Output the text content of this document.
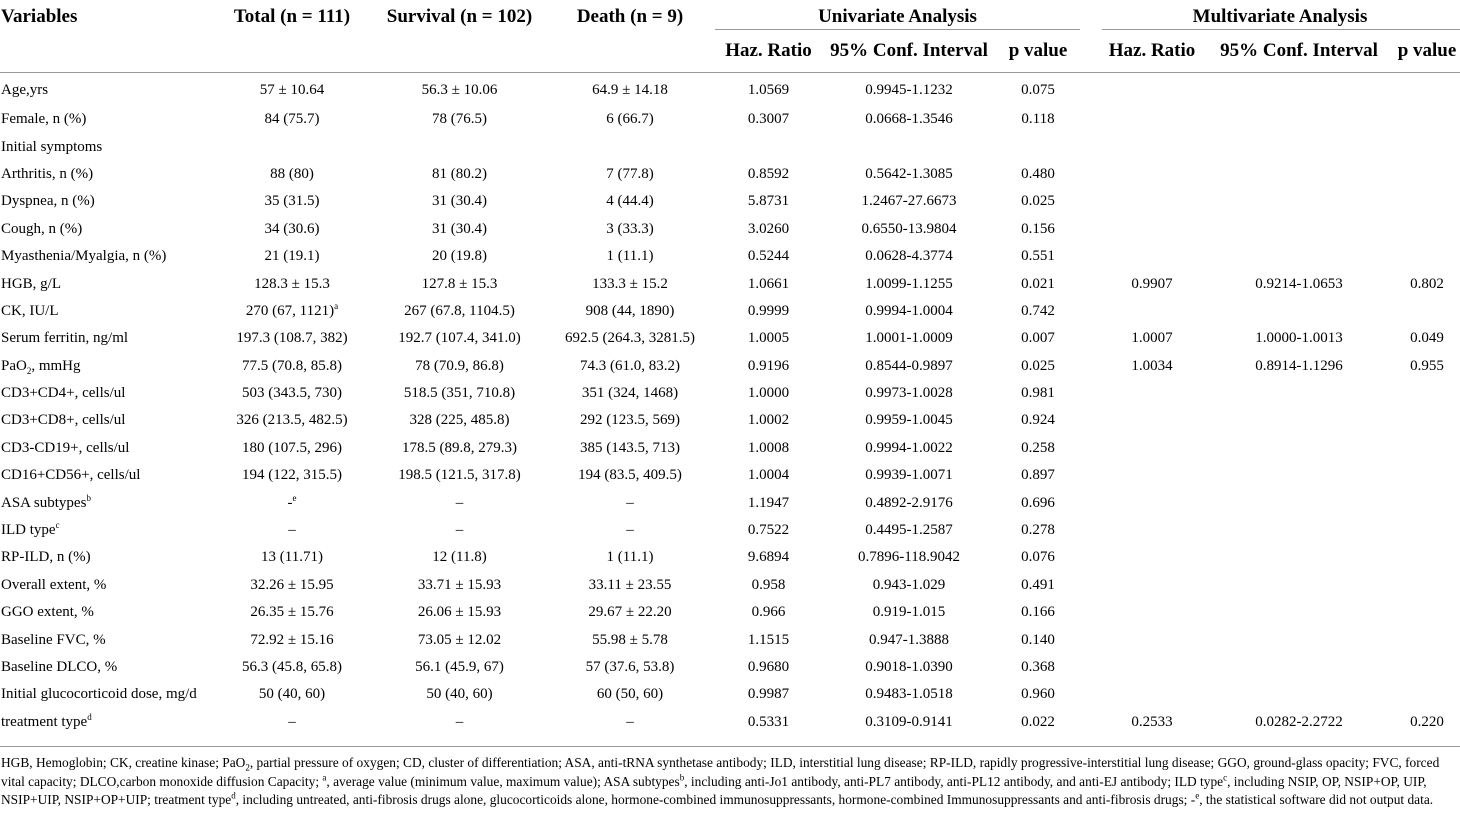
Variables	Total (n = 111)	Survival (n = 102)	Death (n = 9)	Univariate Analysis				Multivariate Analysis		

				Haz. Ratio	95% Conf. Interval	p value		Haz. Ratio	95% Conf. Interval	p value
Age,yrs	57 ± 10.64	56.3 ± 10.06	64.9 ± 14.18	1.0569	0.9945-1.1232	0.075				
Female, n (%)	84 (75.7)	78 (76.5)	6 (66.7)	0.3007	0.0668-1.3546	0.118				
Initial symptoms										
Arthritis, n (%)	88 (80)	81 (80.2)	7 (77.8)	0.8592	0.5642-1.3085	0.480				
Dyspnea, n (%)	35 (31.5)	31 (30.4)	4 (44.4)	5.8731	1.2467-27.6673	0.025				
Cough, n (%)	34 (30.6)	31 (30.4)	3 (33.3)	3.0260	0.6550-13.9804	0.156				
Myasthenia/Myalgia, n (%)	21 (19.1)	20 (19.8)	1 (11.1)	0.5244	0.0628-4.3774	0.551				
HGB, g/L	128.3 ± 15.3	127.8 ± 15.3	133.3 ± 15.2	1.0661	1.0099-1.1255	0.021		0.9907	0.9214-1.0653	0.802
CK, IU/L	270 (67, 1121)$^a$	267 (67.8, 1104.5)	908 (44, 1890)	0.9999	0.9994-1.0004	0.742				
Serum ferritin, ng/ml	197.3 (108.7, 382)	192.7 (107.4, 341.0)	692.5 (264.3, 3281.5)	1.0005	1.0001-1.0009	0.007		1.0007	1.0000-1.0013	0.049
PaO$_2$, mmHg	77.5 (70.8, 85.8)	78 (70.9, 86.8)	74.3 (61.0, 83.2)	0.9196	0.8544-0.9897	0.025		1.0034	0.8914-1.1296	0.955
CD3+CD4+, cells/ul	503 (343.5, 730)	518.5 (351, 710.8)	351 (324, 1468)	1.0000	0.9973-1.0028	0.981				
CD3+CD8+, cells/ul	326 (213.5, 482.5)	328 (225, 485.8)	292 (123.5, 569)	1.0002	0.9959-1.0045	0.924				
CD3-CD19+, cells/ul	180 (107.5, 296)	178.5 (89.8, 279.3)	385 (143.5, 713)	1.0008	0.9994-1.0022	0.258				
CD16+CD56+, cells/ul	194 (122, 315.5)	198.5 (121.5, 317.8)	194 (83.5, 409.5)	1.0004	0.9939-1.0071	0.897				
ASA subtypes$^b$	-$^e$	–	–	1.1947	0.4892-2.9176	0.696				
ILD type$^c$	–	–	–	0.7522	0.4495-1.2587	0.278				
RP-ILD, n (%)	13 (11.71)	12 (11.8)	1 (11.1)	9.6894	0.7896-118.9042	0.076				
Overall extent, %	32.26 ± 15.95	33.71 ± 15.93	33.11 ± 23.55	0.958	0.943-1.029	0.491				
GGO extent, %	26.35 ± 15.76	26.06 ± 15.93	29.67 ± 22.20	0.966	0.919-1.015	0.166				
Baseline FVC, %	72.92 ± 15.16	73.05 ± 12.02	55.98 ± 5.78	1.1515	0.947-1.3888	0.140				
Baseline DLCO, %	56.3 (45.8, 65.8)	56.1 (45.9, 67)	57 (37.6, 53.8)	0.9680	0.9018-1.0390	0.368				
Initial glucocorticoid dose, mg/d	50 (40, 60)	50 (40, 60)	60 (50, 60)	0.9987	0.9483-1.0518	0.960				
treatment type$^d$	–	–	–	0.5331	0.3109-0.9141	0.022		0.2533	0.0282-2.2722	0.220
HGB, Hemoglobin; CK, creatine kinase; PaO$_2$, partial pressure of oxygen; CD, cluster of differentiation; ASA, anti-tRNA synthetase antibody; ILD, interstitial lung disease; RP-ILD, rapidly progressive-interstitial lung disease; GGO, ground-glass opacity; FVC, forced vital capacity; DLCO,carbon monoxide diffusion Capacity; $^a$, average value (minimum value, maximum value); ASA subtypes$^b$, including anti-Jo1 antibody, anti-PL7 antibody, anti-PL12 antibody, and anti-EJ antibody; ILD type$^c$, including NSIP, OP, NSIP+OP, UIP, NSIP+UIP, NSIP+OP+UIP; treatment type$^d$, including untreated, anti-fibrosis drugs alone, glucocorticoids alone, hormone-combined immunosuppressants, hormone-combined Immunosuppressants and anti-fibrosis drugs; -$^e$, the statistical software did not output data.
